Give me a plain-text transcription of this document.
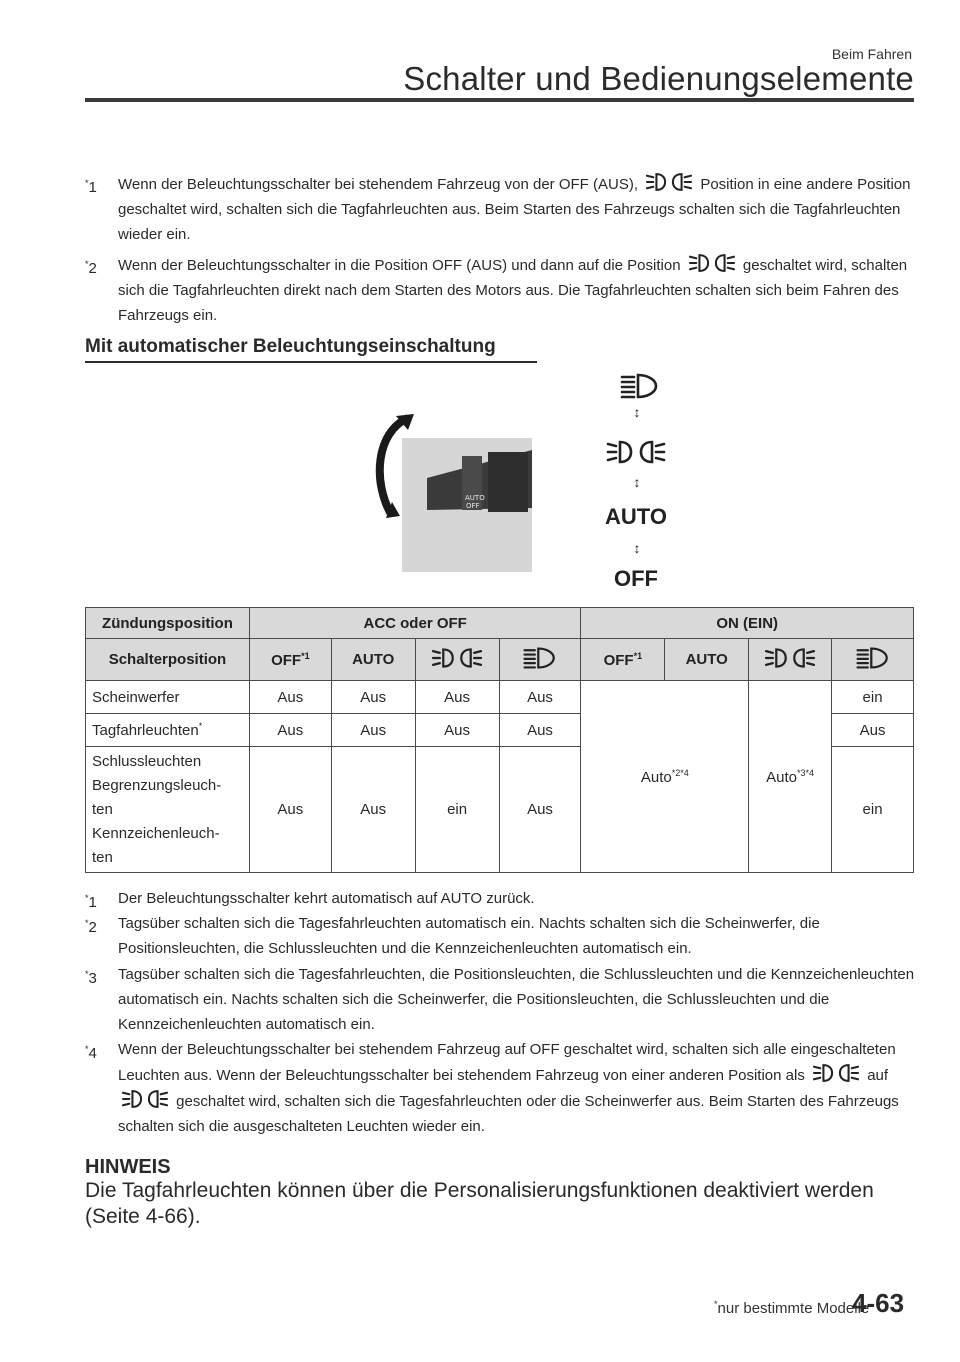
Beim Fahren
Schalter und Bedienungselemente
*1 Wenn der Beleuchtungsschalter bei stehendem Fahrzeug von der OFF (AUS),	Position in eine andere Position geschaltet wird, schalten sich die Tagfahrleuchten aus. Beim Starten des Fahrzeugs schalten sich die Tagfahrleuchten wieder ein.
*2 Wenn der Beleuchtungsschalter in die Position OFF (AUS) und dann auf die Position	geschaltet wird, schalten sich die Tagfahrleuchten direkt nach dem Starten des Motors aus. Die Tagfahrleuchten schalten sich beim Fahren des Fahrzeugs ein.
Mit automatischer Beleuchtungseinschaltung
AUTO
OFF
↕
↕
AUTO
↕
OFF
Zündungsposition	ACC oder OFF				ON (EIN)			
Schalterposition	OFF$^{*1}$	AUTO			OFF$^{*1}$	AUTO		
Scheinwerfer	Aus	Aus	Aus	Aus	Auto$^{*2*4}$		Auto$^{*3*4}$	ein
Tagfahrleuchten*	Aus	Aus	Aus	Aus				Aus
Schlussleuchten
Begrenzungsleuch-
ten
Kennzeichenleuch-
ten	Aus	Aus	ein	Aus				ein
*1 Der Beleuchtungsschalter kehrt automatisch auf AUTO zurück.
*2 Tagsüber schalten sich die Tagesfahrleuchten automatisch ein. Nachts schalten sich die Scheinwerfer, die Positionsleuchten, die Schlussleuchten und die Kennzeichenleuchten automatisch ein.
*3 Tagsüber schalten sich die Tagesfahrleuchten, die Positionsleuchten, die Schlussleuchten und die Kennzeichenleuchten automatisch ein. Nachts schalten sich die Scheinwerfer, die Positionsleuchten, die Schlussleuchten und die Kennzeichenleuchten automatisch ein.
*4 Wenn der Beleuchtungsschalter bei stehendem Fahrzeug auf OFF geschaltet wird, schalten sich alle eingeschalteten Leuchten aus. Wenn der Beleuchtungsschalter bei stehendem Fahrzeug von einer anderen Position als	auf  geschaltet wird, schalten sich die Tagesfahrleuchten oder die Scheinwerfer aus. Beim Starten des Fahrzeugs schalten sich die ausgeschalteten Leuchten wieder ein.
HINWEIS
Die Tagfahrleuchten können über die Personalisierungsfunktionen deaktiviert werden (Seite 4-66).
*nur bestimmte Modelle
4-63
